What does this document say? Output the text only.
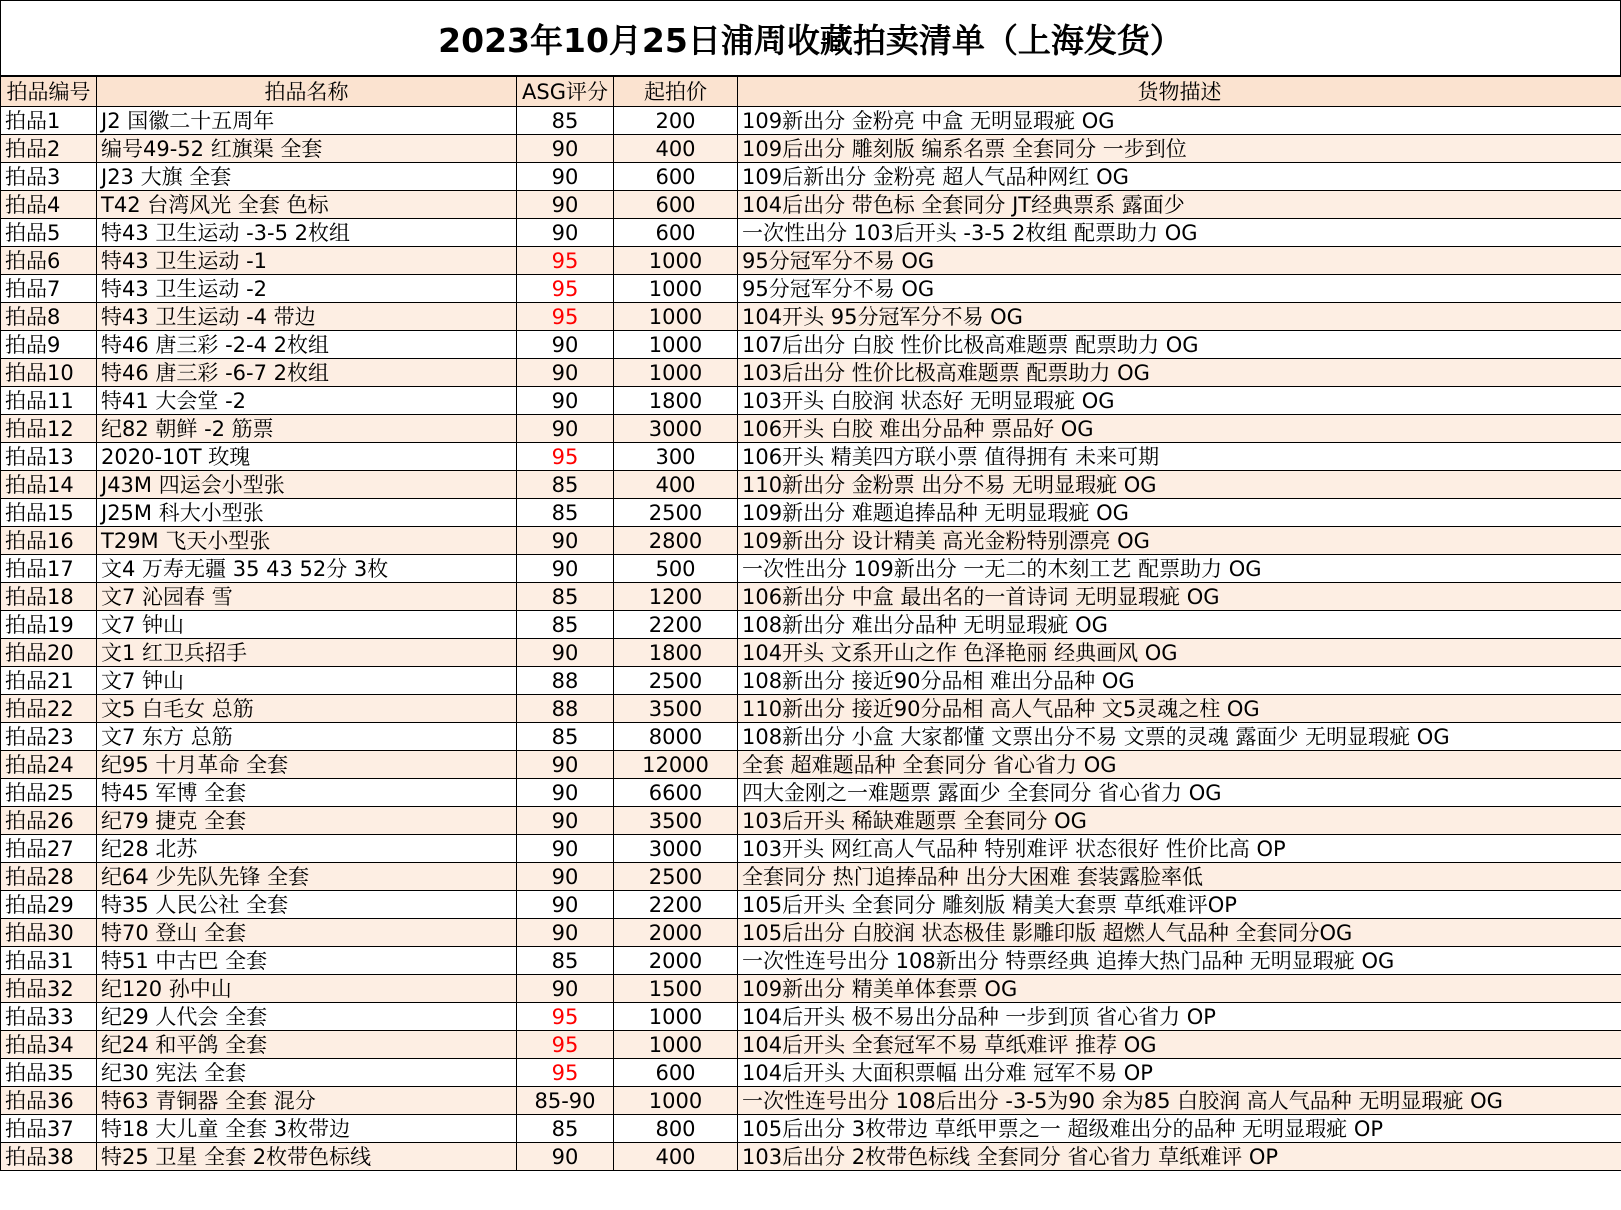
2023年10月25日浦周收藏拍卖清单（上海发货）
拍品编号	拍品名称	ASG评分	起拍价	货物描述
拍品1	J2 国徽二十五周年	85	200	109新出分 金粉亮 中盒 无明显瑕疵 OG
拍品2	编号49-52 红旗渠 全套	90	400	109后出分 雕刻版 编系名票 全套同分 一步到位
拍品3	J23 大旗 全套	90	600	109后新出分 金粉亮 超人气品种网红 OG
拍品4	T42 台湾风光 全套 色标	90	600	104后出分 带色标 全套同分 JT经典票系 露面少
拍品5	特43 卫生运动 -3-5 2枚组	90	600	一次性出分 103后开头 -3-5 2枚组 配票助力 OG
拍品6	特43 卫生运动 -1	95	1000	95分冠军分不易 OG
拍品7	特43 卫生运动 -2	95	1000	95分冠军分不易 OG
拍品8	特43 卫生运动 -4 带边	95	1000	104开头 95分冠军分不易 OG
拍品9	特46 唐三彩 -2-4 2枚组	90	1000	107后出分 白胶 性价比极高难题票 配票助力 OG
拍品10	特46 唐三彩 -6-7 2枚组	90	1000	103后出分 性价比极高难题票 配票助力 OG
拍品11	特41 大会堂 -2	90	1800	103开头 白胶润 状态好 无明显瑕疵 OG
拍品12	纪82 朝鲜 -2 筋票	90	3000	106开头 白胶 难出分品种 票品好 OG
拍品13	2020-10T 玫瑰	95	300	106开头 精美四方联小票 值得拥有 未来可期
拍品14	J43M 四运会小型张	85	400	110新出分 金粉票 出分不易 无明显瑕疵 OG
拍品15	J25M 科大小型张	85	2500	109新出分 难题追捧品种 无明显瑕疵 OG
拍品16	T29M 飞天小型张	90	2800	109新出分 设计精美 高光金粉特别漂亮 OG
拍品17	文4 万寿无疆 35 43 52分 3枚	90	500	一次性出分 109新出分 一无二的木刻工艺 配票助力 OG
拍品18	文7 沁园春 雪	85	1200	106新出分 中盒 最出名的一首诗词 无明显瑕疵 OG
拍品19	文7 钟山	85	2200	108新出分 难出分品种 无明显瑕疵 OG
拍品20	文1 红卫兵招手	90	1800	104开头 文系开山之作 色泽艳丽 经典画风 OG
拍品21	文7 钟山	88	2500	108新出分 接近90分品相 难出分品种 OG
拍品22	文5 白毛女 总筋	88	3500	110新出分 接近90分品相 高人气品种 文5灵魂之柱 OG
拍品23	文7 东方 总筋	85	8000	108新出分 小盒 大家都懂 文票出分不易 文票的灵魂 露面少 无明显瑕疵 OG
拍品24	纪95 十月革命 全套	90	12000	全套 超难题品种 全套同分 省心省力 OG
拍品25	特45 军博 全套	90	6600	四大金刚之一难题票 露面少 全套同分 省心省力 OG
拍品26	纪79 捷克 全套	90	3500	103后开头 稀缺难题票 全套同分 OG
拍品27	纪28 北苏	90	3000	103开头 网红高人气品种 特别难评 状态很好 性价比高 OP
拍品28	纪64 少先队先锋 全套	90	2500	全套同分 热门追捧品种 出分大困难 套装露脸率低
拍品29	特35 人民公社 全套	90	2200	105后开头 全套同分 雕刻版 精美大套票 草纸难评OP
拍品30	特70 登山 全套	90	2000	105后出分 白胶润 状态极佳 影雕印版 超燃人气品种 全套同分OG
拍品31	特51 中古巴 全套	85	2000	一次性连号出分 108新出分 特票经典 追捧大热门品种 无明显瑕疵 OG
拍品32	纪120 孙中山	90	1500	109新出分 精美单体套票 OG
拍品33	纪29 人代会 全套	95	1000	104后开头 极不易出分品种 一步到顶 省心省力 OP
拍品34	纪24 和平鸽 全套	95	1000	104后开头 全套冠军不易 草纸难评 推荐 OG
拍品35	纪30 宪法 全套	95	600	104后开头 大面积票幅 出分难 冠军不易 OP
拍品36	特63 青铜器 全套 混分	85-90	1000	一次性连号出分 108后出分 -3-5为90 余为85 白胶润 高人气品种 无明显瑕疵 OG
拍品37	特18 大儿童 全套 3枚带边	85	800	105后出分 3枚带边 草纸甲票之一 超级难出分的品种 无明显瑕疵 OP
拍品38	特25 卫星 全套 2枚带色标线	90	400	103后出分 2枚带色标线 全套同分 省心省力 草纸难评 OP
